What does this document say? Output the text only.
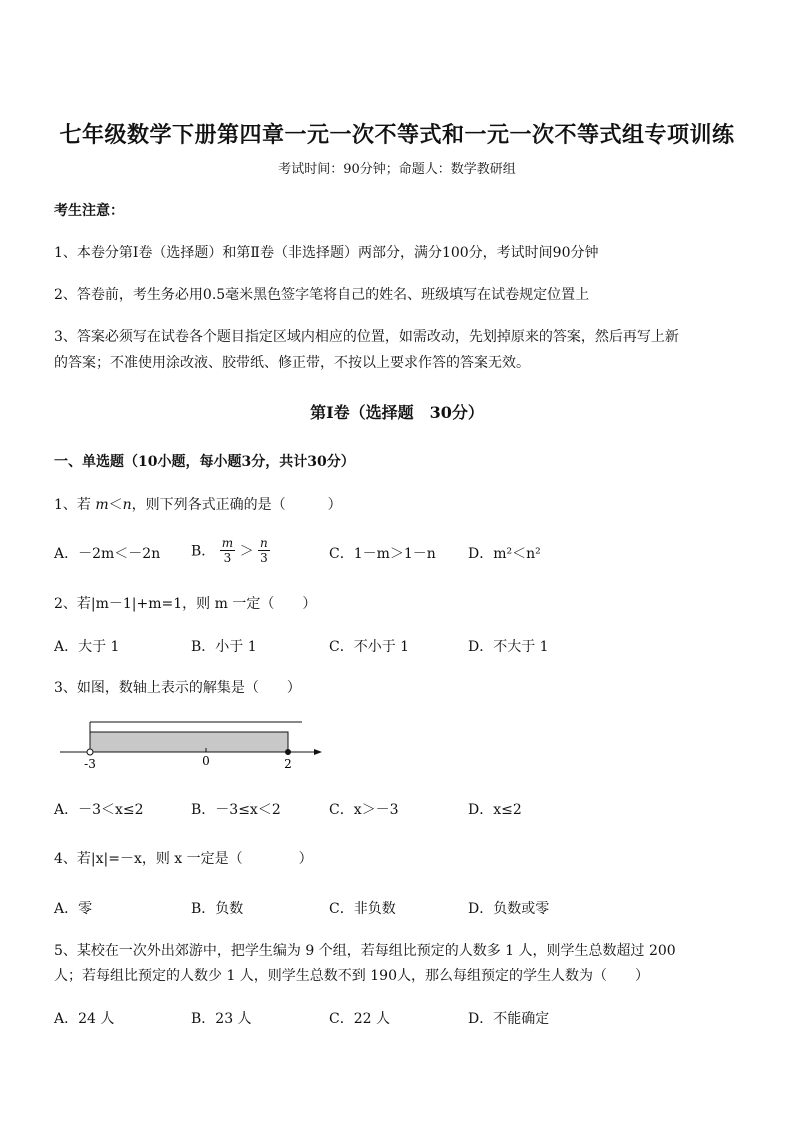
七年级数学下册第四章一元一次不等式和一元一次不等式组专项训练
考试时间：90分钟；命题人：数学教研组
考生注意：
1、本卷分第Ⅰ卷（选择题）和第Ⅱ卷（非选择题）两部分，满分100分，考试时间90分钟
2、答卷前，考生务必用0.5毫米黑色签字笔将自己的姓名、班级填写在试卷规定位置上
3、答案必须写在试卷各个题目指定区域内相应的位置，如需改动，先划掉原来的答案，然后再写上新
的答案；不准使用涂改液、胶带纸、修正带，不按以上要求作答的答案无效。
第Ⅰ卷（选择题　30分）
一、单选题（10小题，每小题3分，共计30分）
1、若 m＜n，则下列各式正确的是（　　　）
A．－2m＜－2n B． $\frac{m}{3} > \frac{n}{3}$	C．1－m＞1－n D．m²＜n²
2、若|m－1|+m=1，则 m 一定（　　）
A．大于 1	B．小于 1	C．不小于 1	D．不大于 1
3、如图，数轴上表示的解集是（　　）
-3	0	2
A．－3＜x≤2	B．－3≤x＜2	C．x＞－3	D．x≤2
4、若|x|=－x，则 x 一定是（　　　　）
A．零	B．负数	C．非负数	D．负数或零
5、某校在一次外出郊游中，把学生编为 9 个组，若每组比预定的人数多 1 人，则学生总数超过 200
人；若每组比预定的人数少 1 人，则学生总数不到 190人，那么每组预定的学生人数为（　　）
A．24 人	B．23 人	C．22 人	D．不能确定
